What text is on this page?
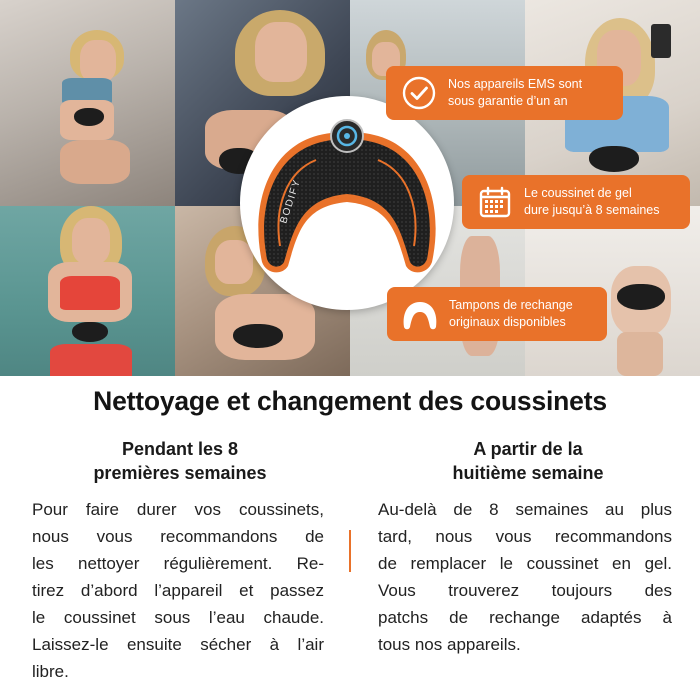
BODIFY
Nos appareils EMS sont
sous garantie d’un an
Le coussinet de gel
dure jusqu’à 8 semaines
Tampons de rechange
originaux disponibles
Nettoyage et changement des coussinets
Pendant les 8
premières semaines
A partir de la
huitième semaine
Pour faire durer vos coussinets,
nous vous recommandons de
les nettoyer régulièrement. Re-
tirez d’abord l’appareil et passez
le coussinet sous l’eau chaude.
Laissez-le ensuite sécher à l’air
libre.
Au-delà de 8 semaines au plus
tard, nous vous recommandons
de remplacer le coussinet en gel.
Vous trouverez toujours des
patchs de rechange adaptés à
tous nos appareils.
